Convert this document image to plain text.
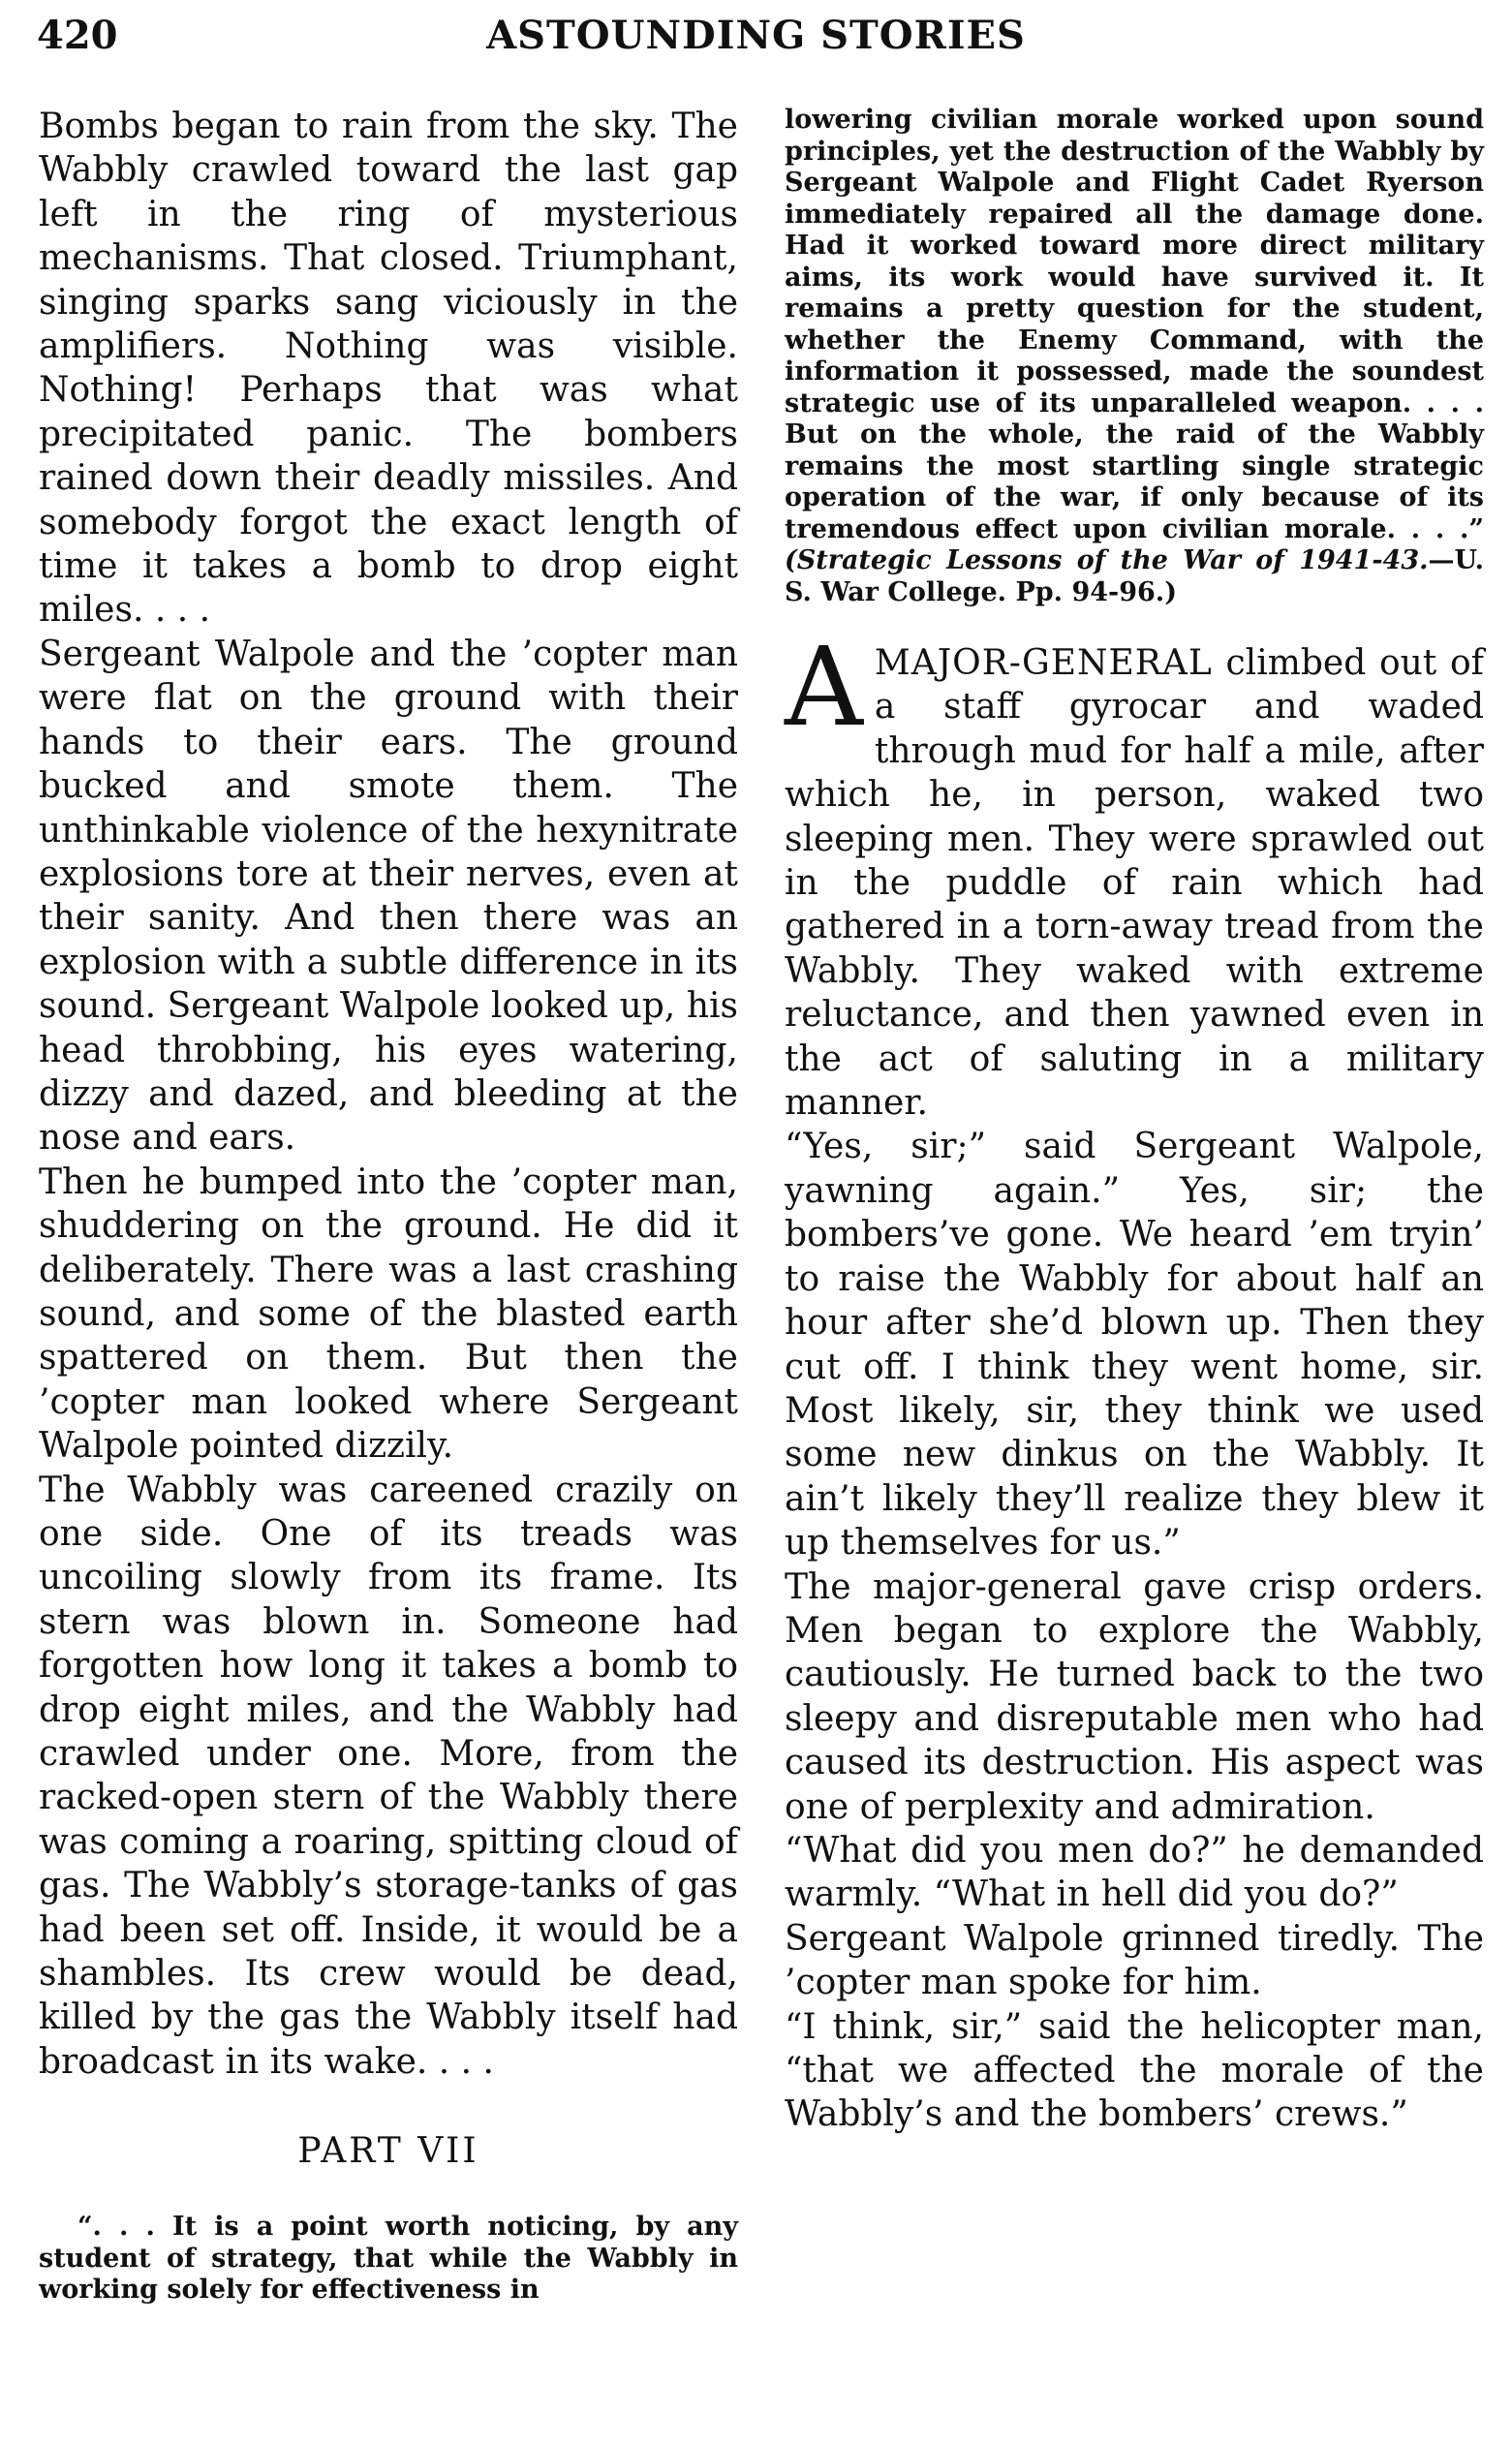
420	ASTOUNDING STORIES

Bombs began to rain from the sky. The Wabbly crawled toward the last gap left in the ring of mysterious mechanisms. That closed. Triumphant, singing sparks sang viciously in the amplifiers. Nothing was visible. Nothing! Perhaps that was what precipitated panic. The bombers rained down their deadly missiles. And somebody forgot the exact length of time it takes a bomb to drop eight miles. . . .

Sergeant Walpole and the ’copter man were flat on the ground with their hands to their ears. The ground bucked and smote them. The unthinkable violence of the hexynitrate explosions tore at their nerves, even at their sanity. And then there was an explosion with a subtle difference in its sound. Sergeant Walpole looked up, his head throbbing, his eyes watering, dizzy and dazed, and bleeding at the nose and ears.

Then he bumped into the ’copter man, shuddering on the ground. He did it deliberately. There was a last crashing sound, and some of the blasted earth spattered on them. But then the ’copter man looked where Sergeant Walpole pointed dizzily.

The Wabbly was careened crazily on one side. One of its treads was uncoiling slowly from its frame. Its stern was blown in. Someone had forgotten how long it takes a bomb to drop eight miles, and the Wabbly had crawled under one. More, from the racked-open stern of the Wabbly there was coming a roaring, spitting cloud of gas. The Wabbly’s storage-tanks of gas had been set off. Inside, it would be a shambles. Its crew would be dead, killed by the gas the Wabbly itself had broadcast in its wake. . . .

PART VII

“. . . It is a point worth noticing, by any student of strategy, that while the Wabbly in working solely for effectiveness in

lowering civilian morale worked upon sound principles, yet the destruction of the Wabbly by Sergeant Walpole and Flight Cadet Ryerson immediately repaired all the damage done. Had it worked toward more direct military aims, its work would have survived it. It remains a pretty question for the student, whether the Enemy Command, with the information it possessed, made the soundest strategic use of its unparalleled weapon. . . . But on the whole, the raid of the Wabbly remains the most startling single strategic operation of the war, if only because of its tremendous effect upon civilian morale. . . .” (Strategic Lessons of the War of 1941-43.—U. S. War College. Pp. 94-96.)

AMAJOR-GENERAL climbed out of a staff gyrocar and waded through mud for half a mile, after which he, in person, waked two sleeping men. They were sprawled out in the puddle of rain which had gathered in a torn-away tread from the Wabbly. They waked with extreme reluctance, and then yawned even in the act of saluting in a military manner.

“Yes, sir;” said Sergeant Walpole, yawning again.” Yes, sir; the bombers’ve gone. We heard ’em tryin’ to raise the Wabbly for about half an hour after she’d blown up. Then they cut off. I think they went home, sir. Most likely, sir, they think we used some new dinkus on the Wabbly. It ain’t likely they’ll realize they blew it up themselves for us.”

The major-general gave crisp orders. Men began to explore the Wabbly, cautiously. He turned back to the two sleepy and disreputable men who had caused its destruction. His aspect was one of perplexity and admiration.

“What did you men do?” he demanded warmly. “What in hell did you do?”

Sergeant Walpole grinned tiredly. The ’copter man spoke for him.

“I think, sir,” said the helicopter man, “that we affected the morale of the Wabbly’s and the bombers’ crews.”
